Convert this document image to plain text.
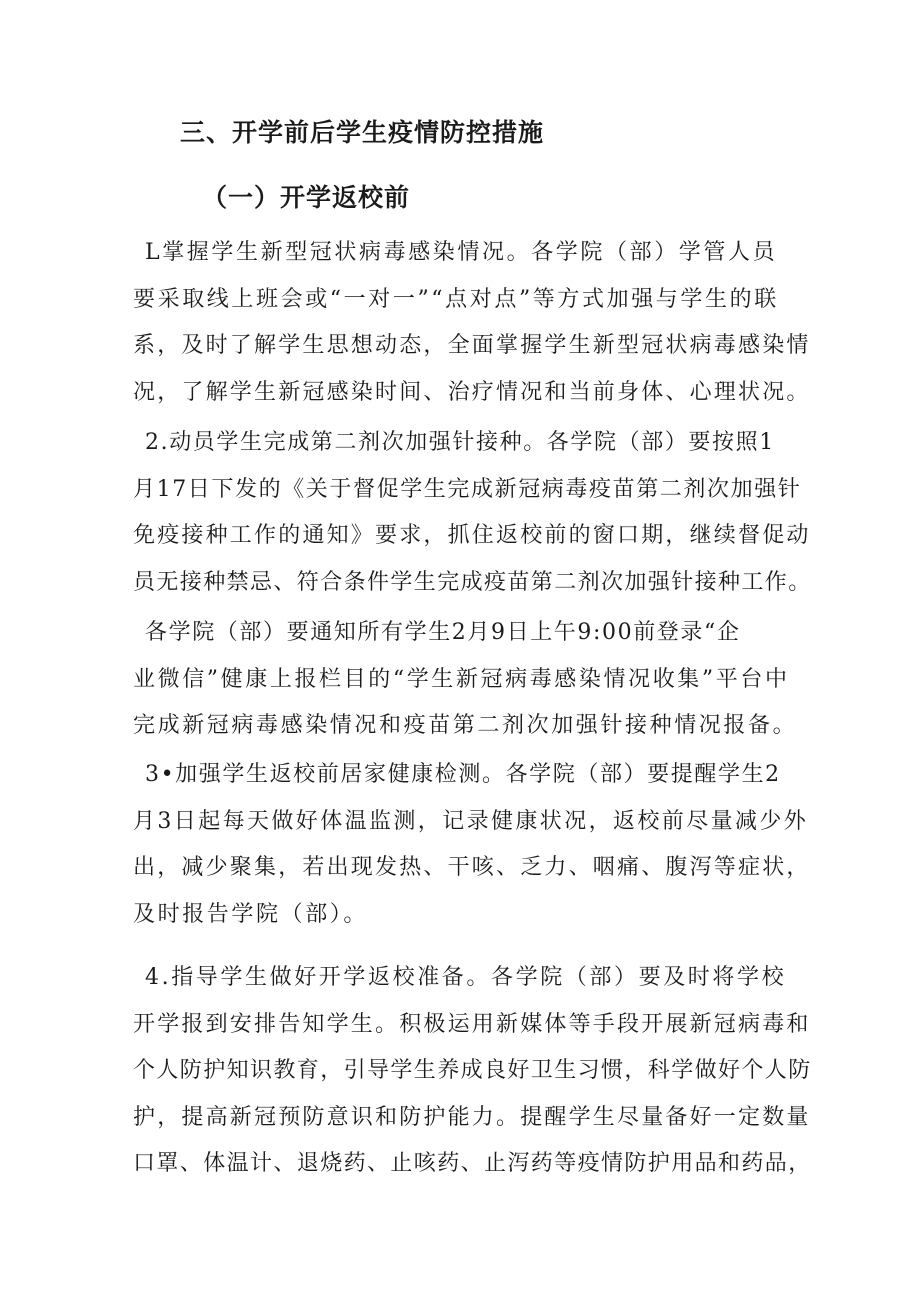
三、开学前后学生疫情防控措施
（一）开学返校前
L掌握学生新型冠状病毒感染情况。各学院（部）学管人员
要采取线上班会或“一对一”“点对点”等方式加强与学生的联
系，及时了解学生思想动态，全面掌握学生新型冠状病毒感染情
况，了解学生新冠感染时间、治疗情况和当前身体、心理状况。
2.动员学生完成第二剂次加强针接种。各学院（部）要按照1
月17日下发的《关于督促学生完成新冠病毒疫苗第二剂次加强针
免疫接种工作的通知》要求，抓住返校前的窗口期，继续督促动
员无接种禁忌、符合条件学生完成疫苗第二剂次加强针接种工作。
各学院（部）要通知所有学生2月9日上午9:00前登录“企
业微信”健康上报栏目的“学生新冠病毒感染情况收集”平台中
完成新冠病毒感染情况和疫苗第二剂次加强针接种情况报备。
3•加强学生返校前居家健康检测。各学院（部）要提醒学生2
月3日起每天做好体温监测，记录健康状况，返校前尽量减少外
出，减少聚集，若出现发热、干咳、乏力、咽痛、腹泻等症状，
及时报告学院（部）。
4.指导学生做好开学返校准备。各学院（部）要及时将学校
开学报到安排告知学生。积极运用新媒体等手段开展新冠病毒和
个人防护知识教育，引导学生养成良好卫生习惯，科学做好个人防
护，提高新冠预防意识和防护能力。提醒学生尽量备好一定数量
口罩、体温计、退烧药、止咳药、止泻药等疫情防护用品和药品，
